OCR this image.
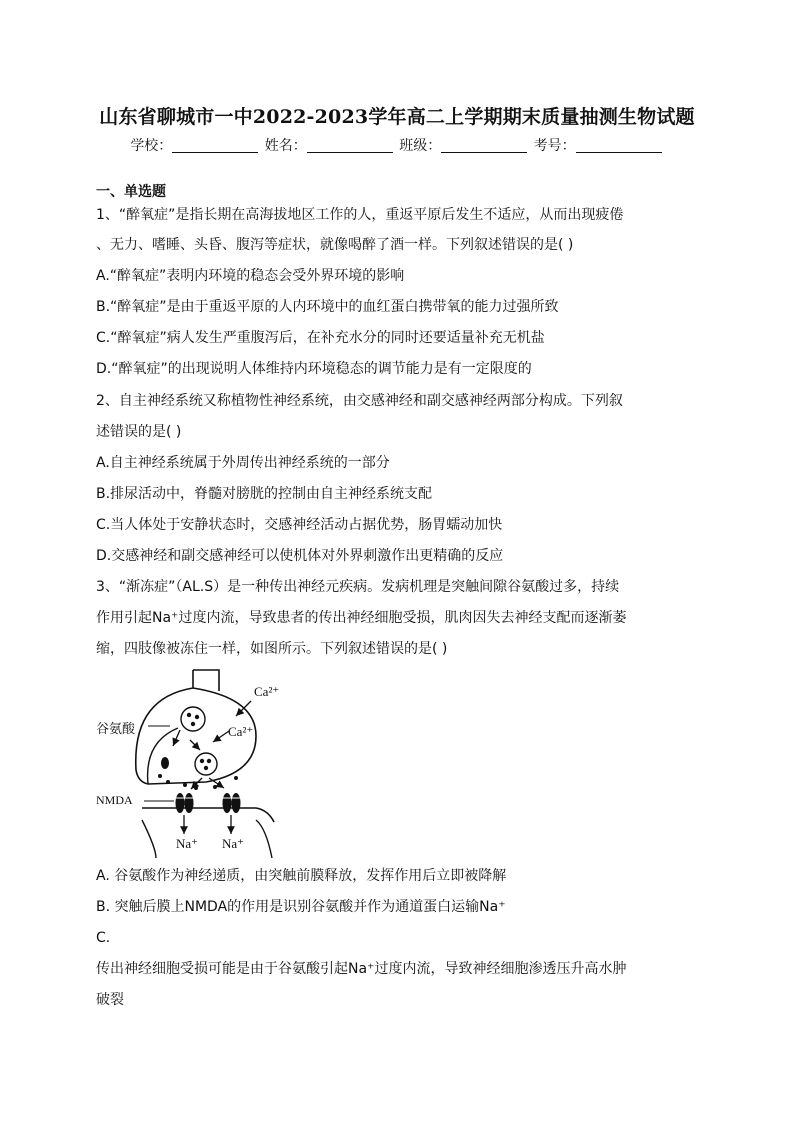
山东省聊城市一中2022-2023学年高二上学期期末质量抽测生物试题
学校：	姓名：	班级：	考号：
一、单选题
1、“醉氧症”是指长期在高海拔地区工作的人，重返平原后发生不适应，从而出现疲倦
、无力、嗜睡、头昏、腹泻等症状，就像喝醉了酒一样。下列叙述错误的是( )
A.“醉氧症”表明内环境的稳态会受外界环境的影响
B.“醉氧症”是由于重返平原的人内环境中的血红蛋白携带氧的能力过强所致
C.“醉氧症”病人发生严重腹泻后，在补充水分的同时还要适量补充无机盐
D.“醉氧症”的出现说明人体维持内环境稳态的调节能力是有一定限度的
2、自主神经系统又称植物性神经系统，由交感神经和副交感神经两部分构成。下列叙
述错误的是( )
A.自主神经系统属于外周传出神经系统的一部分
B.排尿活动中，脊髓对膀胱的控制由自主神经系统支配
C.当人体处于安静状态时，交感神经活动占据优势，肠胃蠕动加快
D.交感神经和副交感神经可以使机体对外界刺激作出更精确的反应
3、“渐冻症”（AL.S）是一种传出神经元疾病。发病机理是突触间隙谷氨酸过多，持续
作用引起Na⁺过度内流，导致患者的传出神经细胞受损，肌肉因失去神经支配而逐渐萎
缩，四肢像被冻住一样，如图所示。下列叙述错误的是( )
谷氨酸
Ca²⁺
Ca²⁺
NMDA
Na⁺ Na⁺
A. 谷氨酸作为神经递质，由突触前膜释放，发挥作用后立即被降解
B. 突触后膜上NMDA的作用是识别谷氨酸并作为通道蛋白运输Na⁺
C.
传出神经细胞受损可能是由于谷氨酸引起Na⁺过度内流，导致神经细胞渗透压升高水肿
破裂
